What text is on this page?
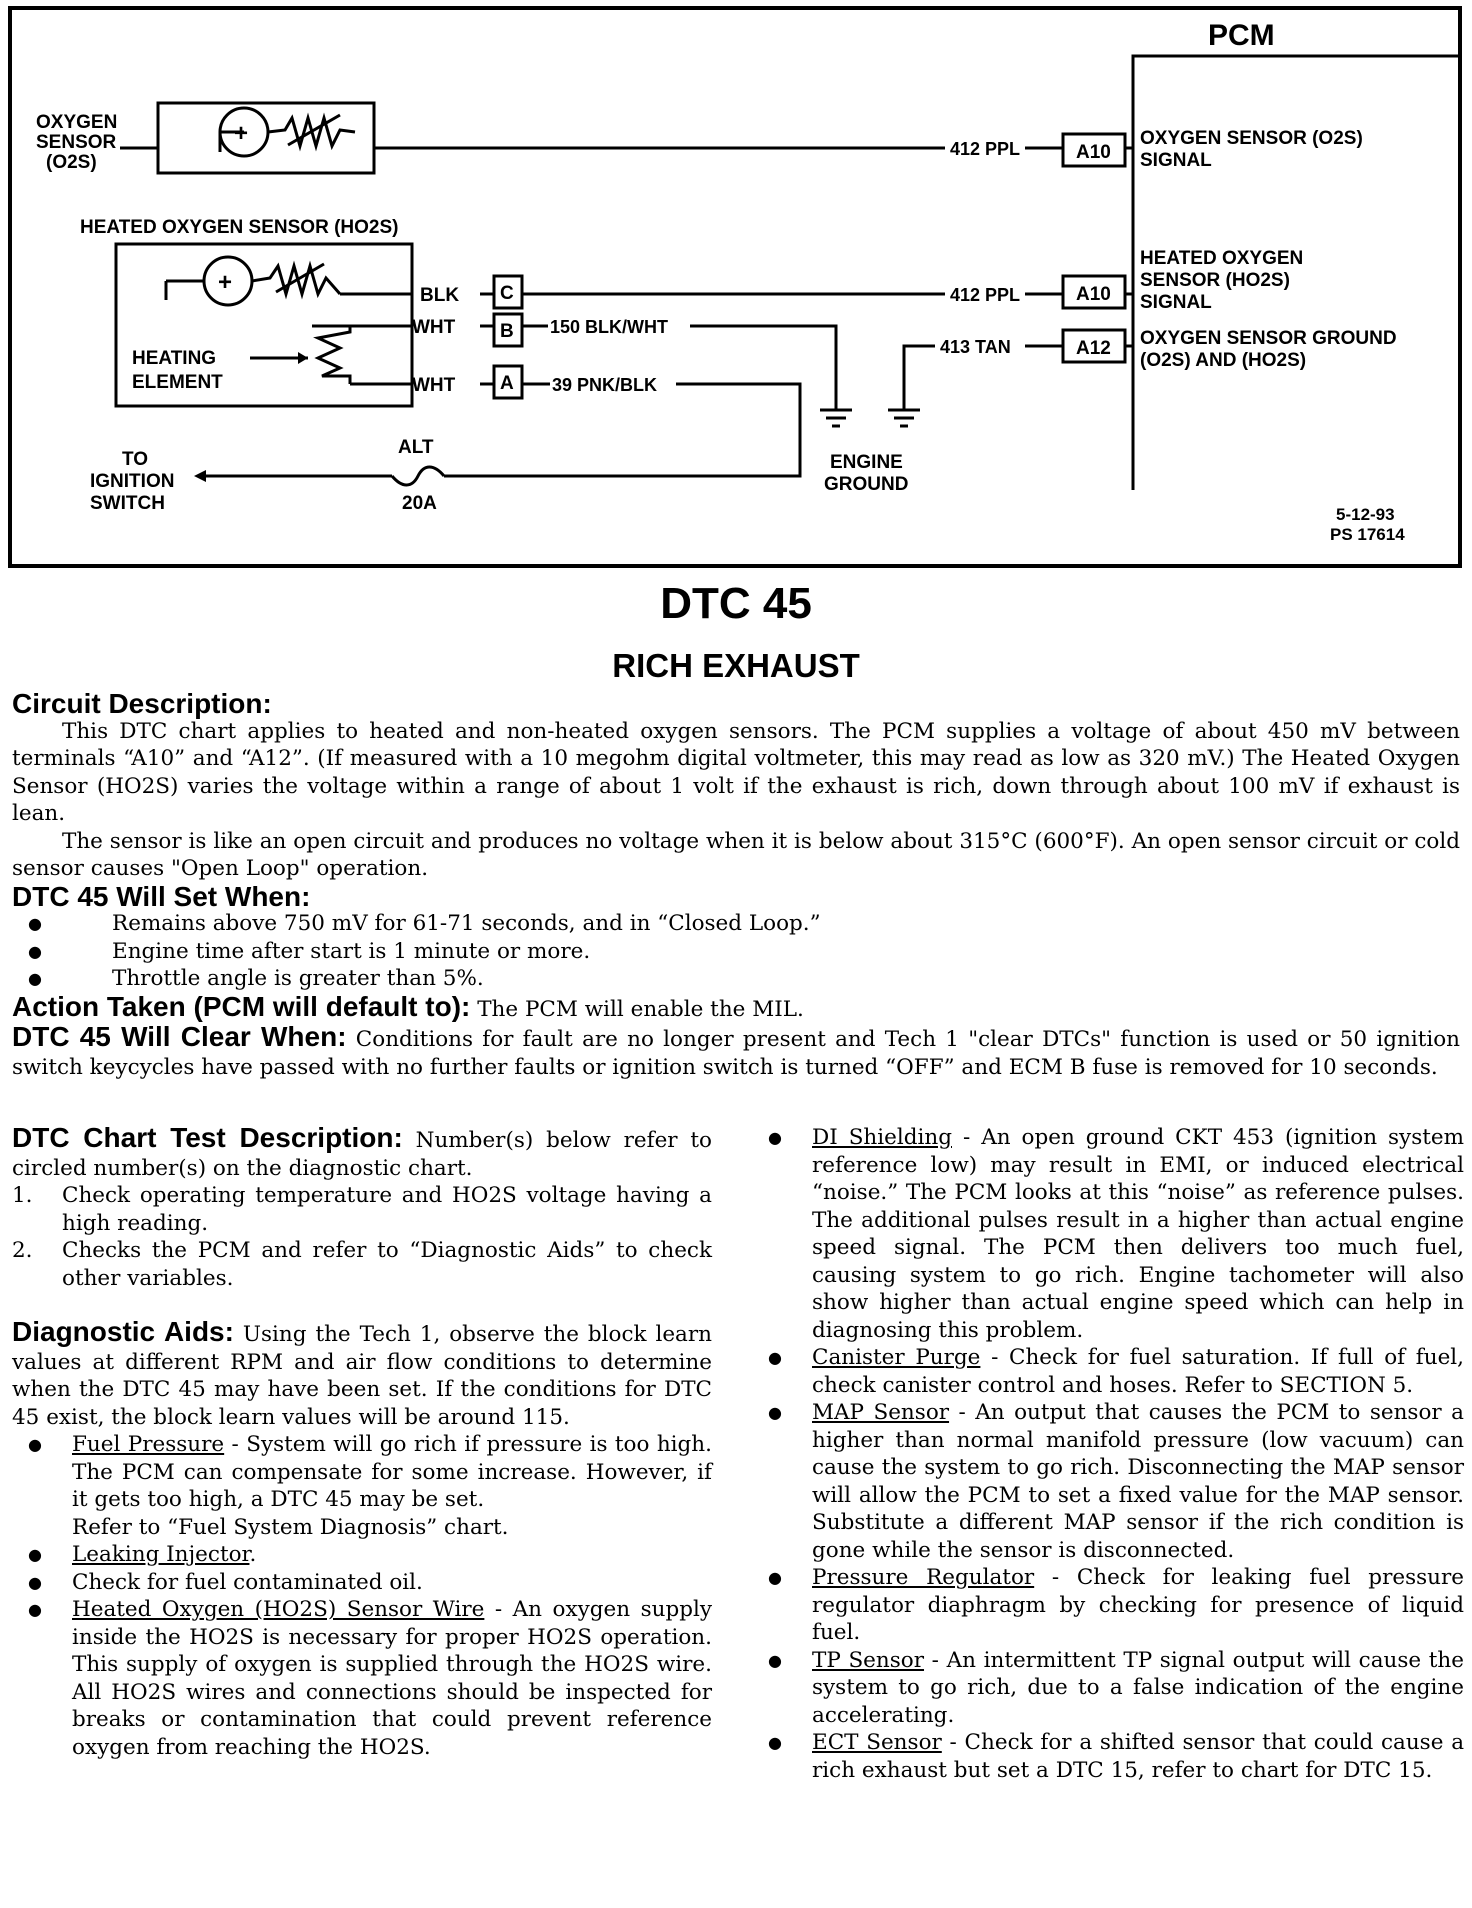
+
+
PCM
OXYGEN
SENSOR
(O2S)
HEATED OXYGEN SENSOR (HO2S)
HEATING
ELEMENT
BLK
WHT
WHT
C
B
A
150 BLK/WHT
39 PNK/BLK
412 PPL
412 PPL
413 TAN
A10
A10
A12
OXYGEN SENSOR (O2S)
SIGNAL
HEATED OXYGEN
SENSOR (HO2S)
SIGNAL
OXYGEN SENSOR GROUND
(O2S) AND (HO2S)
TO
IGNITION
SWITCH
ALT
20A
ENGINE
GROUND
5-12-93
PS 17614
DTC 45
RICH EXHAUST
Circuit Description:

This DTC chart applies to heated and non-heated oxygen sensors. The PCM supplies a voltage of about 450 mV between terminals “A10” and “A12”. (If measured with a 10 megohm digital voltmeter, this may read as low as 320 mV.) The Heated Oxygen Sensor (HO2S) varies the voltage within a range of about 1 volt if the exhaust is rich, down through about 100 mV if exhaust is lean.

The sensor is like an open circuit and produces no voltage when it is below about 315°C (600°F). An open sensor circuit or cold sensor causes "Open Loop" operation.

DTC 45 Will Set When:
● Remains above 750 mV for 61-71 seconds, and in “Closed Loop.”
● Engine time after start is 1 minute or more.
● Throttle angle is greater than 5%.
Action Taken (PCM will default to): The PCM will enable the MIL.
DTC 45 Will Clear When: Conditions for fault are no longer present and Tech 1 "clear DTCs" function is used or 50 ignition switch keycycles have passed with no further faults or ignition switch is turned “OFF” and ECM B fuse is removed for 10 seconds.
DTC Chart Test Description: Number(s) below refer to circled number(s) on the diagnostic chart.
1. Check operating temperature and HO2S voltage having a high reading.
2. Checks the PCM and refer to “Diagnostic Aids” to check other variables.
Diagnostic Aids: Using the Tech 1, observe the block learn values at different RPM and air flow conditions to determine when the DTC 45 may have been set. If the conditions for DTC 45 exist, the block learn values will be around 115.
● Fuel Pressure - System will go rich if pressure is too high. The PCM can compensate for some increase. However, if it gets too high, a DTC 45 may be set.
Refer to “Fuel System Diagnosis” chart.
● Leaking Injector.
● Check for fuel contaminated oil.
● Heated Oxygen (HO2S) Sensor Wire - An oxygen supply inside the HO2S is necessary for proper HO2S operation. This supply of oxygen is supplied through the HO2S wire. All HO2S wires and connections should be inspected for breaks or contamination that could prevent reference oxygen from reaching the HO2S.
● DI Shielding - An open ground CKT 453 (ignition system reference low) may result in EMI, or induced electrical “noise.” The PCM looks at this “noise” as reference pulses. The additional pulses result in a higher than actual engine speed signal. The PCM then delivers too much fuel, causing system to go rich. Engine tachometer will also show higher than actual engine speed which can help in diagnosing this problem.
● Canister Purge - Check for fuel saturation. If full of fuel, check canister control and hoses. Refer to SECTION 5.
● MAP Sensor - An output that causes the PCM to sensor a higher than normal manifold pressure (low vacuum) can cause the system to go rich. Disconnecting the MAP sensor will allow the PCM to set a fixed value for the MAP sensor. Substitute a different MAP sensor if the rich condition is gone while the sensor is disconnected.
● Pressure Regulator - Check for leaking fuel pressure regulator diaphragm by checking for presence of liquid fuel.
● TP Sensor - An intermittent TP signal output will cause the system to go rich, due to a false indication of the engine accelerating.
● ECT Sensor - Check for a shifted sensor that could cause a rich exhaust but set a DTC 15, refer to chart for DTC 15.
